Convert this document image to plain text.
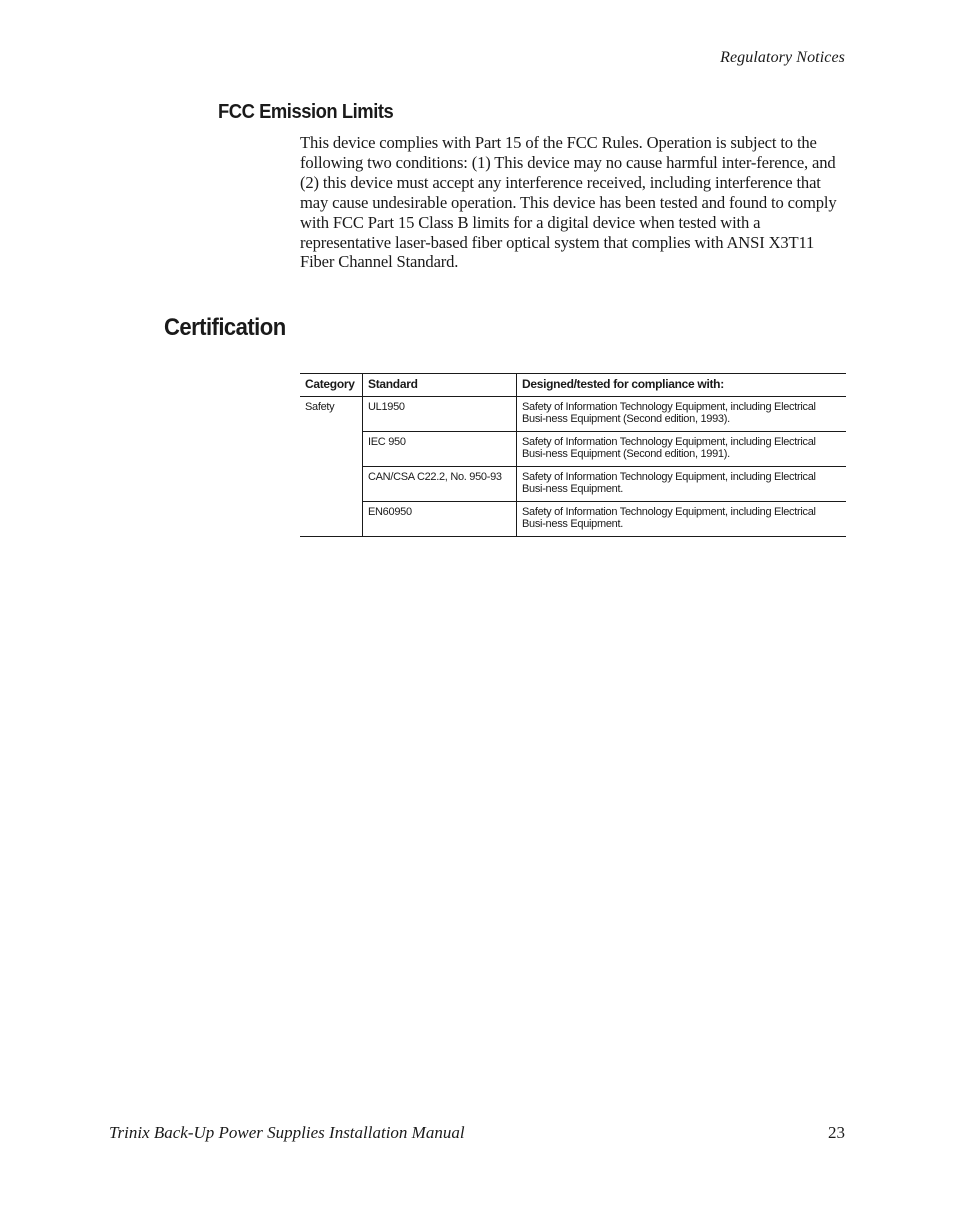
Regulatory Notices
FCC Emission Limits

This device complies with Part 15 of the FCC Rules. Operation is subject to the following two conditions: (1) This device may no cause harmful inter-ference, and (2) this device must accept any interference received, including interference that may cause undesirable operation. This device has been tested and found to comply with FCC Part 15 Class B limits for a digital device when tested with a representative laser-based fiber optical system that complies with ANSI X3T11 Fiber Channel Standard.

Certification
Category	Standard	Designed/tested for compliance with:
Safety	UL1950	Safety of Information Technology Equipment, including Electrical Busi-ness Equipment (Second edition, 1993).
	IEC 950	Safety of Information Technology Equipment, including Electrical Busi-ness Equipment (Second edition, 1991).
	CAN/CSA C22.2, No. 950-93	Safety of Information Technology Equipment, including Electrical Busi-ness Equipment.
	EN60950	Safety of Information Technology Equipment, including Electrical Busi-ness Equipment.
Trinix Back-Up Power Supplies Installation Manual	23
